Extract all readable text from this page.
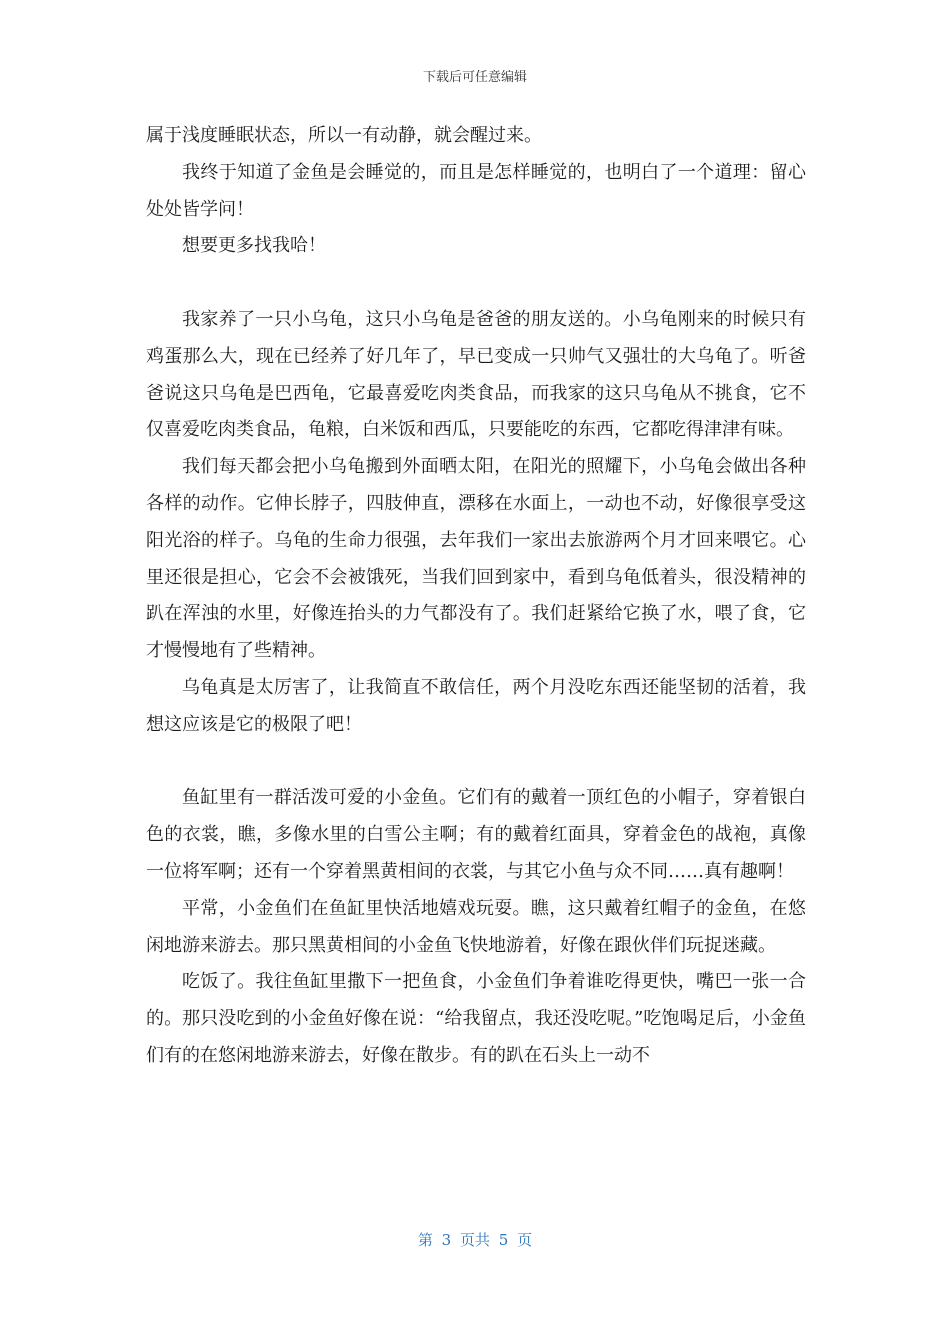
下载后可任意编辑

属于浅度睡眠状态，所以一有动静，就会醒过来。

我终于知道了金鱼是会睡觉的，而且是怎样睡觉的，也明白了一个道理：留心处处皆学问！

想要更多找我哈！

我家养了一只小乌龟，这只小乌龟是爸爸的朋友送的。小乌龟刚来的时候只有鸡蛋那么大，现在已经养了好几年了，早已变成一只帅气又强壮的大乌龟了。听爸爸说这只乌龟是巴西龟，它最喜爱吃肉类食品，而我家的这只乌龟从不挑食，它不仅喜爱吃肉类食品，龟粮，白米饭和西瓜，只要能吃的东西，它都吃得津津有味。

我们每天都会把小乌龟搬到外面晒太阳，在阳光的照耀下，小乌龟会做出各种各样的动作。它伸长脖子，四肢伸直，漂移在水面上，一动也不动，好像很享受这阳光浴的样子。乌龟的生命力很强，去年我们一家出去旅游两个月才回来喂它。心里还很是担心，它会不会被饿死，当我们回到家中，看到乌龟低着头，很没精神的趴在浑浊的水里，好像连抬头的力气都没有了。我们赶紧给它换了水，喂了食，它才慢慢地有了些精神。

乌龟真是太厉害了，让我简直不敢信任，两个月没吃东西还能坚韧的活着，我想这应该是它的极限了吧！

鱼缸里有一群活泼可爱的小金鱼。它们有的戴着一顶红色的小帽子，穿着银白色的衣裳，瞧，多像水里的白雪公主啊；有的戴着红面具，穿着金色的战袍，真像一位将军啊；还有一个穿着黑黄相间的衣裳，与其它小鱼与众不同……真有趣啊！

平常，小金鱼们在鱼缸里快活地嬉戏玩耍。瞧，这只戴着红帽子的金鱼，在悠闲地游来游去。那只黑黄相间的小金鱼飞快地游着，好像在跟伙伴们玩捉迷藏。

吃饭了。我往鱼缸里撒下一把鱼食，小金鱼们争着谁吃得更快，嘴巴一张一合的。那只没吃到的小金鱼好像在说：“给我留点，我还没吃呢。”吃饱喝足后，小金鱼们有的在悠闲地游来游去，好像在散步。有的趴在石头上一动不

第 3 页共 5 页
